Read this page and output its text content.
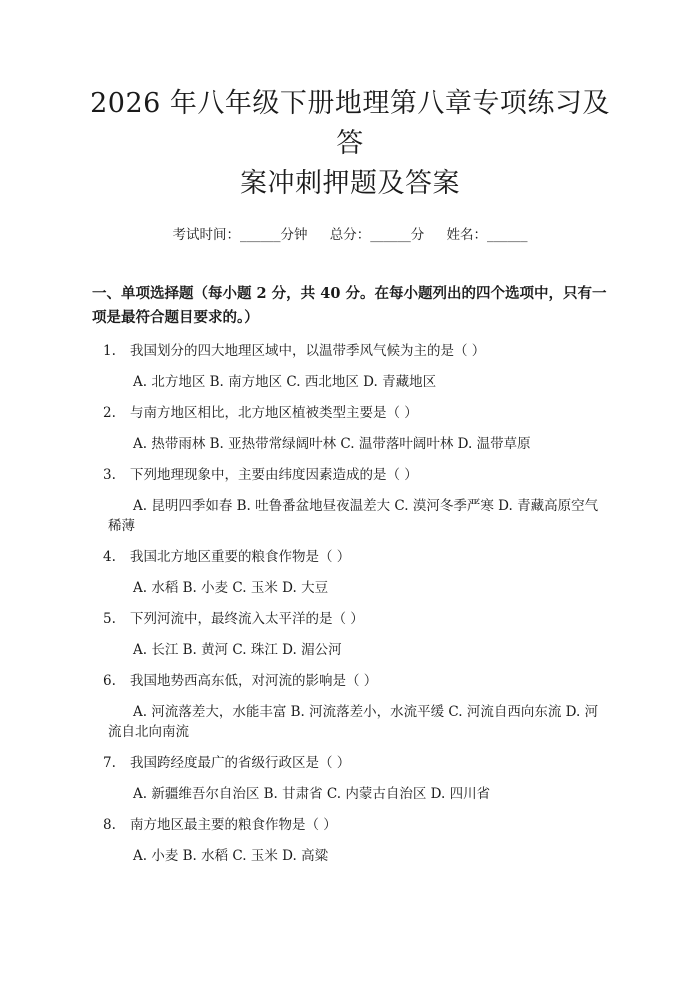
2026 年八年级下册地理第八章专项练习及答
案冲刺押题及答案
考试时间：______分钟 总分：______分 姓名：______
一、单项选择题（每小题 2 分，共 40 分。在每小题列出的四个选项中，只有一项是最符合题目要求的。）
1. 我国划分的四大地理区域中，以温带季风气候为主的是（ ）
A. 北方地区 B. 南方地区 C. 西北地区 D. 青藏地区
2. 与南方地区相比，北方地区植被类型主要是（ ）
A. 热带雨林 B. 亚热带常绿阔叶林 C. 温带落叶阔叶林 D. 温带草原
3. 下列地理现象中，主要由纬度因素造成的是（ ）
A. 昆明四季如春 B. 吐鲁番盆地昼夜温差大 C. 漠河冬季严寒 D. 青藏高原空气稀薄
4. 我国北方地区重要的粮食作物是（ ）
A. 水稻 B. 小麦 C. 玉米 D. 大豆
5. 下列河流中，最终流入太平洋的是（ ）
A. 长江 B. 黄河 C. 珠江 D. 湄公河
6. 我国地势西高东低，对河流的影响是（ ）
A. 河流落差大，水能丰富 B. 河流落差小，水流平缓 C. 河流自西向东流 D. 河流自北向南流
7. 我国跨经度最广的省级行政区是（ ）
A. 新疆维吾尔自治区 B. 甘肃省 C. 内蒙古自治区 D. 四川省
8. 南方地区最主要的粮食作物是（ ）
A. 小麦 B. 水稻 C. 玉米 D. 高粱
